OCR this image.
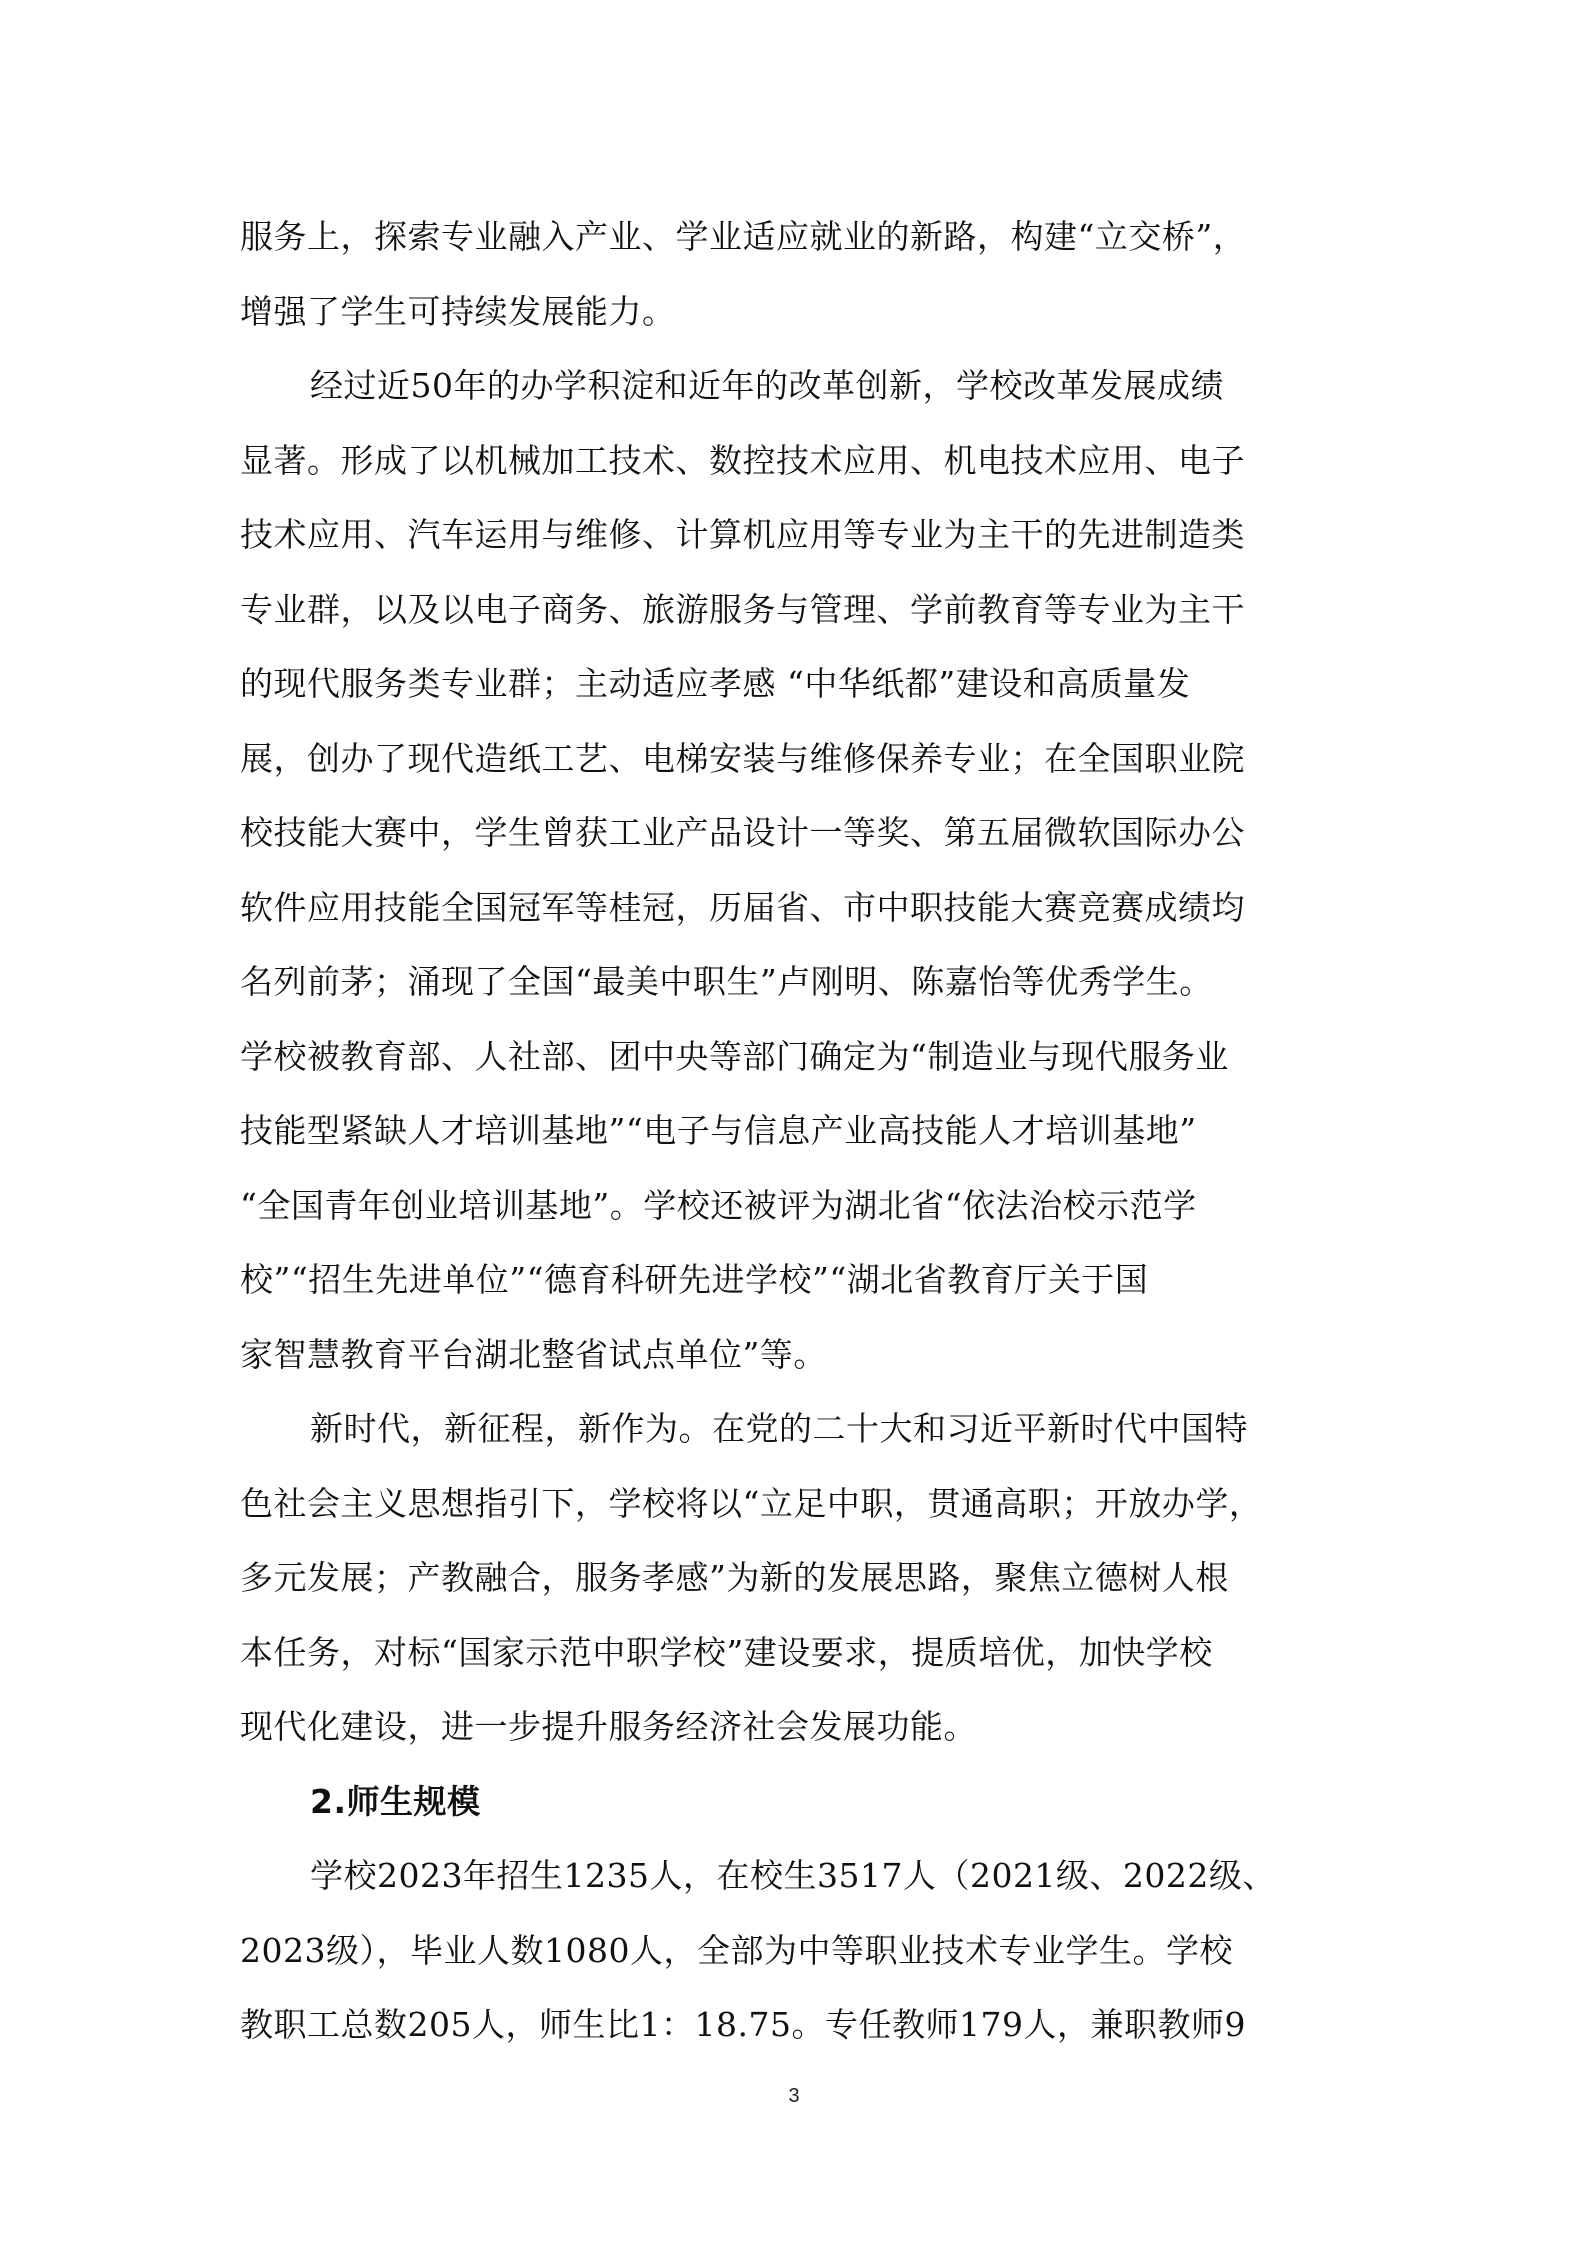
服务上，探索专业融入产业、学业适应就业的新路，构建“立交桥”，
增强了学生可持续发展能力。
经过近50年的办学积淀和近年的改革创新，学校改革发展成绩
显著。形成了以机械加工技术、数控技术应用、机电技术应用、电子
技术应用、汽车运用与维修、计算机应用等专业为主干的先进制造类
专业群，以及以电子商务、旅游服务与管理、学前教育等专业为主干
的现代服务类专业群；主动适应孝感 “中华纸都”建设和高质量发
展，创办了现代造纸工艺、电梯安装与维修保养专业；在全国职业院
校技能大赛中，学生曾获工业产品设计一等奖、第五届微软国际办公
软件应用技能全国冠军等桂冠，历届省、市中职技能大赛竞赛成绩均
名列前茅；涌现了全国“最美中职生”卢刚明、陈嘉怡等优秀学生。
学校被教育部、人社部、团中央等部门确定为“制造业与现代服务业
技能型紧缺人才培训基地”“电子与信息产业高技能人才培训基地”
“全国青年创业培训基地”。学校还被评为湖北省“依法治校示范学
校”“招生先进单位”“德育科研先进学校”“湖北省教育厅关于国
家智慧教育平台湖北整省试点单位”等。
新时代，新征程，新作为。在党的二十大和习近平新时代中国特
色社会主义思想指引下，学校将以“立足中职，贯通高职；开放办学，
多元发展；产教融合，服务孝感”为新的发展思路，聚焦立德树人根
本任务，对标“国家示范中职学校”建设要求，提质培优，加快学校
现代化建设，进一步提升服务经济社会发展功能。
2.师生规模
学校2023年招生1235人，在校生3517人（2021级、2022级、
2023级），毕业人数1080人，全部为中等职业技术专业学生。学校
教职工总数205人，师生比1：18.75。专任教师179人，兼职教师9
3
